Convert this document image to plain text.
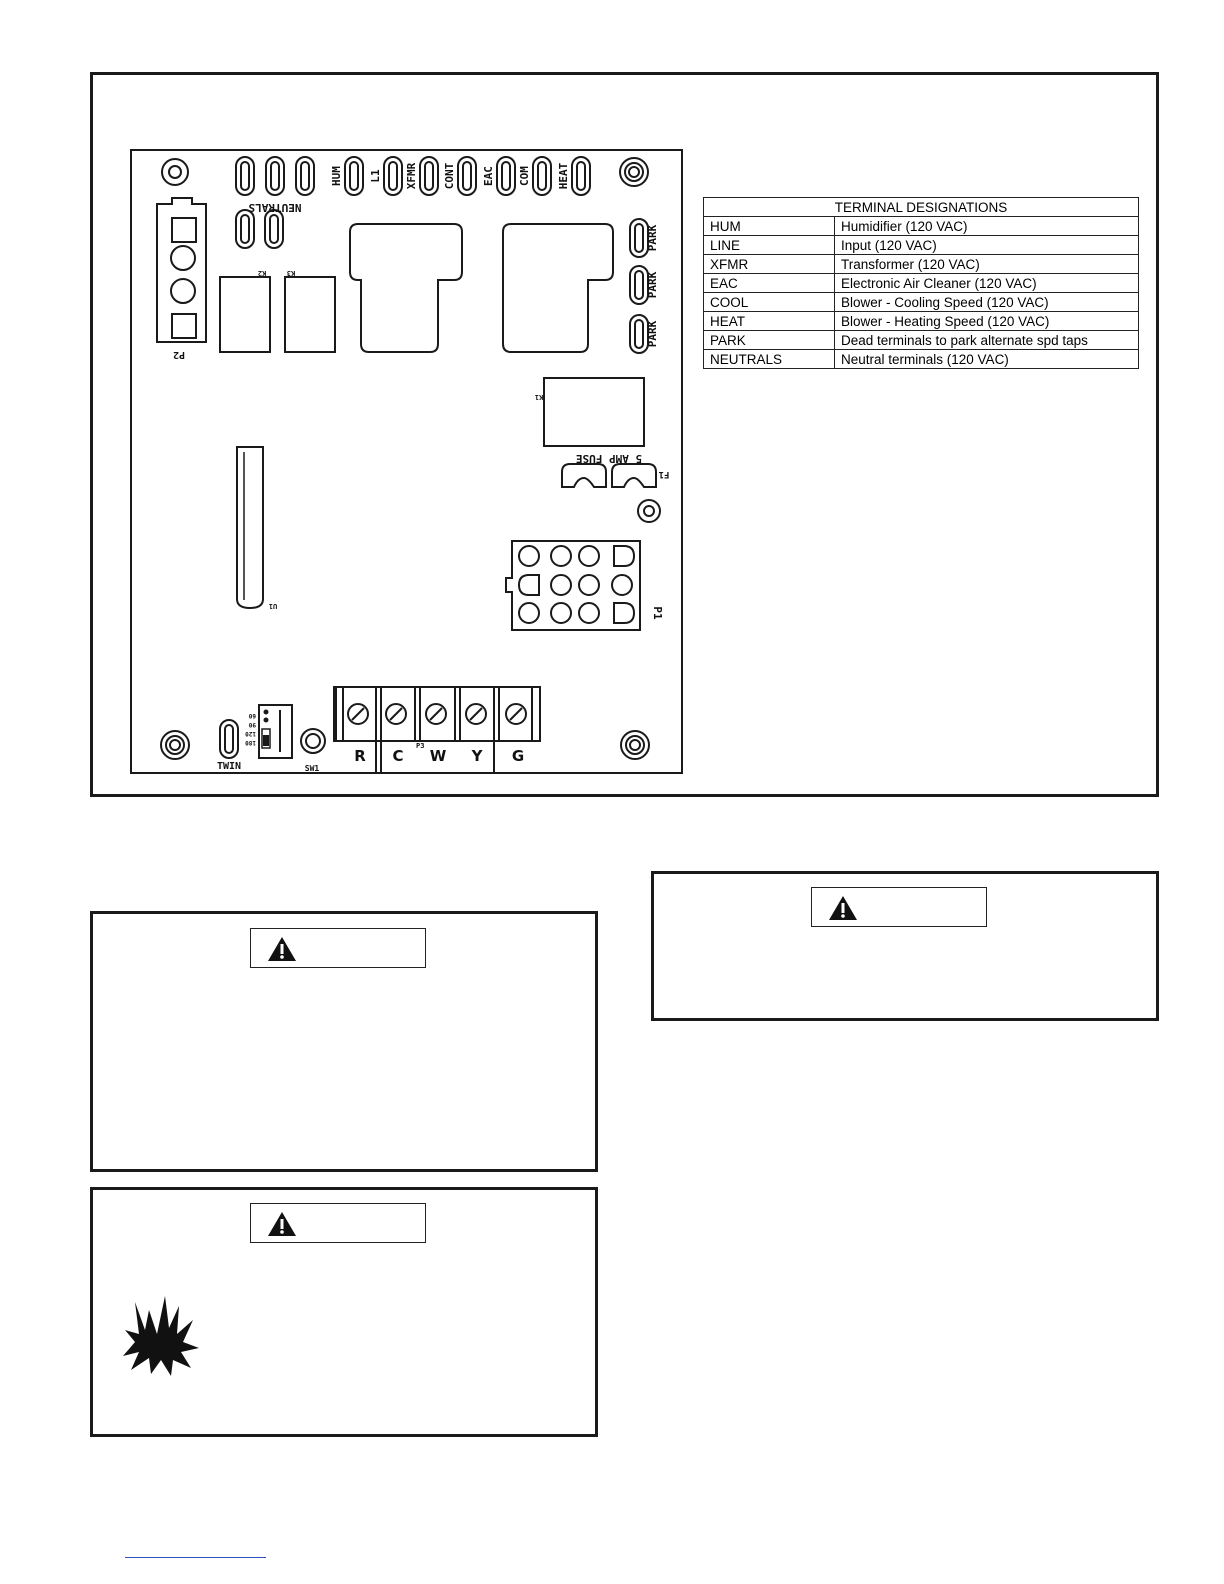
P2
NEUTRALS
K2	K3
K1
U1
P1
5 AMP FUSE
F1
P3
TWIN	SW1
HUM L1 XFMR CONT EAC COM HEAT
PARK
PARK
PARK
60
90
120
180
R C W Y G
TERMINAL DESIGNATIONS	
HUM	Humidifier (120 VAC)
LINE	Input (120 VAC)
XFMR	Transformer (120 VAC)
EAC	Electronic Air Cleaner (120 VAC)
COOL	Blower - Cooling Speed (120 VAC)
HEAT	Blower - Heating Speed (120 VAC)
PARK	Dead terminals to park alternate spd taps
NEUTRALS	Neutral terminals (120 VAC)
